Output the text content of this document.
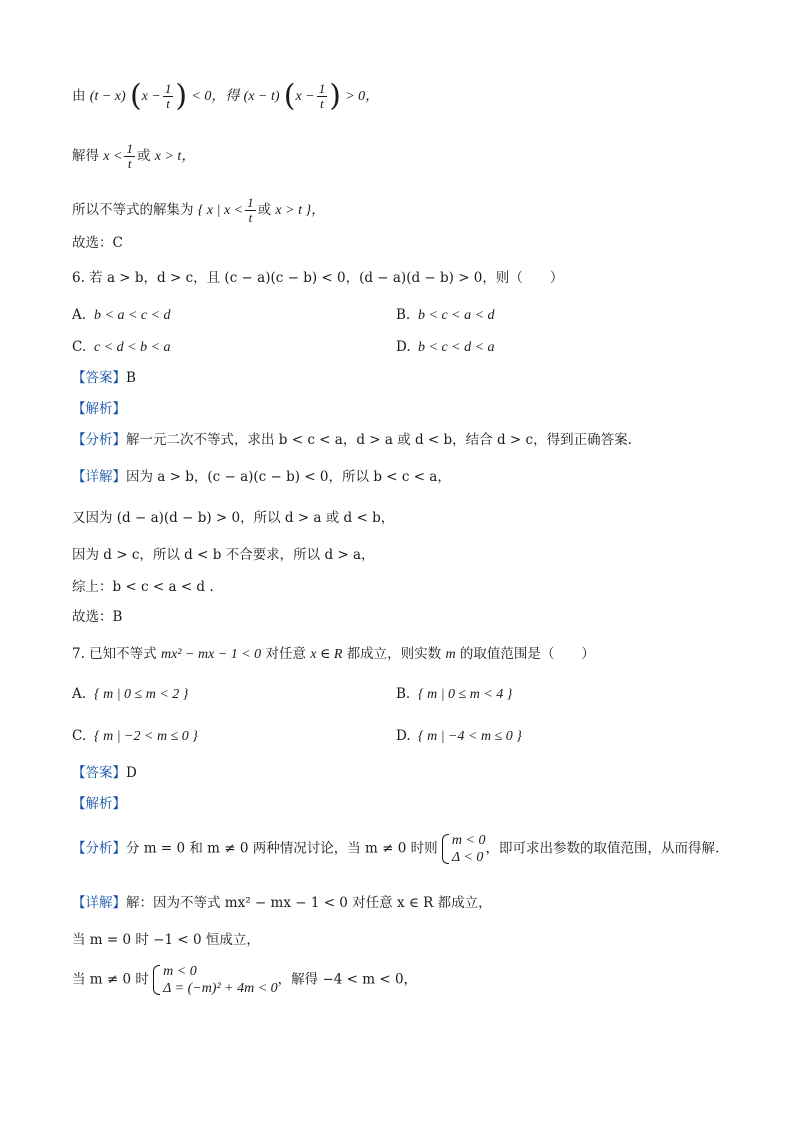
由 (t − x) ($x - \frac{1}{t}$ ) < 0，得 (x − t) ($x - \frac{1}{t}$ ) > 0，
解得 $x < \frac{1}{t}$ 或 x > t，
所以不等式的解集为 { x | $x < \frac{1}{t}$ 或 x > t }，
故选：C
6. 若 a > b，d > c，且 (c − a)(c − b) < 0，(d − a)(d − b) > 0，则（　　）
A. b < a < c < d	B. b < c < a < d
C. c < d < b < a	D. b < c < d < a
【答案】B
【解析】
【分析】解一元二次不等式，求出 b < c < a，d > a 或 d < b，结合 d > c，得到正确答案.
【详解】因为 a > b，(c − a)(c − b) < 0，所以 b < c < a，
又因为 (d − a)(d − b) > 0，所以 d > a 或 d < b，
因为 d > c，所以 d < b 不合要求，所以 d > a，
综上：b < c < a < d .
故选：B
7. 已知不等式 mx² − mx − 1 < 0 对任意 x ∈ R 都成立，则实数 m 的取值范围是（　　）
A. { m | 0 ≤ m < 2 }	B. { m | 0 ≤ m < 4 }
C. { m | −2 < m ≤ 0 }	D. { m | −4 < m ≤ 0 }
【答案】D
【解析】
【分析】分 m = 0 和 m ≠ 0 两种情况讨论，当 m ≠ 0 时则 m < 0
Δ < 0
，即可求出参数的取值范围，从而得解.
【详解】解：因为不等式 mx² − mx − 1 < 0 对任意 x ∈ R 都成立，
当 m = 0 时 −1 < 0 恒成立，
当 m ≠ 0 时 m < 0
Δ = (−m)² + 4m < 0
，解得 −4 < m < 0，
